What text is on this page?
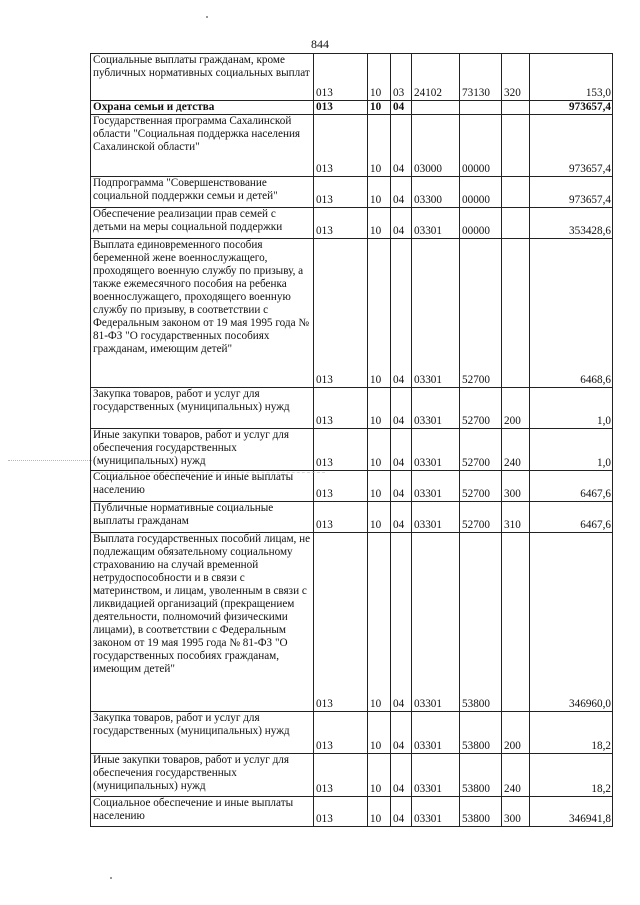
844
Социальные выплаты гражданам, кроме публичных нормативных социальных выплат	013	10	03	24102	73130	320	153,0
Охрана семьи и детства	013	10	04				973657,4
Государственная программа Сахалинской области "Социальная поддержка населения Сахалинской области"	013	10	04	03000	00000		973657,4
Подпрограмма "Совершенствование социальной поддержки семьи и детей"	013	10	04	03300	00000		973657,4
Обеспечение реализации прав семей с детьми на меры социальной поддержки	013	10	04	03301	00000		353428,6
Выплата единовременного пособия беременной жене военнослужащего, проходящего военную службу по призыву, а также ежемесячного пособия на ребенка военнослужащего, проходящего военную службу по призыву, в соответствии с Федеральным законом от 19 мая 1995 года № 81-ФЗ "О государственных пособиях гражданам, имеющим детей"	013	10	04	03301	52700		6468,6
Закупка товаров, работ и услуг для государственных (муниципальных) нужд	013	10	04	03301	52700	200	1,0
Иные закупки товаров, работ и услуг для обеспечения государственных (муниципальных) нужд	013	10	04	03301	52700	240	1,0
Социальное обеспечение и иные выплаты населению	013	10	04	03301	52700	300	6467,6
Публичные нормативные социальные выплаты гражданам	013	10	04	03301	52700	310	6467,6
Выплата государственных пособий лицам, не подлежащим обязательному социальному страхованию на случай временной нетрудоспособности и в связи с материнством, и лицам, уволенным в связи с ликвидацией организаций (прекращением деятельности, полномочий физическими лицами), в соответствии с Федеральным законом от 19 мая 1995 года № 81-ФЗ "О государственных пособиях гражданам, имеющим детей"	013	10	04	03301	53800		346960,0
Закупка товаров, работ и услуг для государственных (муниципальных) нужд	013	10	04	03301	53800	200	18,2
Иные закупки товаров, работ и услуг для обеспечения государственных (муниципальных) нужд	013	10	04	03301	53800	240	18,2
Социальное обеспечение и иные выплаты населению	013	10	04	03301	53800	300	346941,8
